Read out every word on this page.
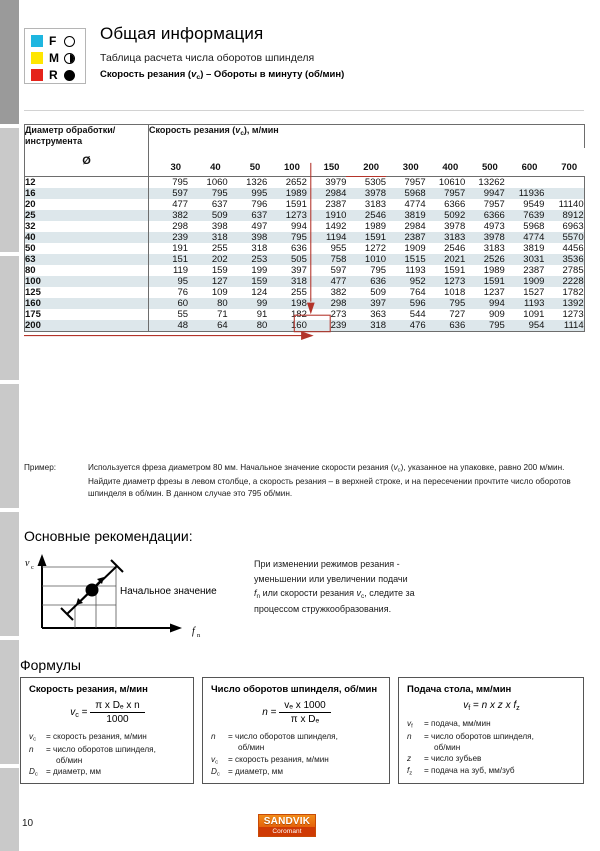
F
M
R
Общая информация
Таблица расчета числа оборотов шпинделя
Скорость резания $(v_c)$ – Обороты в минуту (об/мин)
Диаметр обработки/
инструмента
Ø	Скорость резания $(v_c)$, м/мин										
	30	40	50	100	150	200	300	400	500	600	700
12	795	1060	1326	2652	3979	5305	7957	10610	13262		
16	597	795	995	1989	2984	3978	5968	7957	9947	11936	
20	477	637	796	1591	2387	3183	4774	6366	7957	9549	11140
25	382	509	637	1273	1910	2546	3819	5092	6366	7639	8912
32	298	398	497	994	1492	1989	2984	3978	4973	5968	6963
40	239	318	398	795	1194	1591	2387	3183	3978	4774	5570
50	191	255	318	636	955	1272	1909	2546	3183	3819	4456
63	151	202	253	505	758	1010	1515	2021	2526	3031	3536
80	119	159	199	397	597	795	1193	1591	1989	2387	2785
100	95	127	159	318	477	636	952	1273	1591	1909	2228
125	76	109	124	255	382	509	764	1018	1237	1527	1782
160	60	80	99	198	298	397	596	795	994	1193	1392
175	55	71	91	182	273	363	544	727	909	1091	1273
200	48	64	80	160	239	318	476	636	795	954	1114
Пример:	Используется фреза диаметром 80 мм. Начальное значение скорости резания $(v_c)$, указанное на упаковке, равно 200 м/мин. Найдите диаметр фрезы в левом столбце, а скорость резания – в верхней строке, и на пересечении прочтите число оборотов шпинделя в об/мин. В данном случае это 795 об/мин.
Основные рекомендации:
v c
f n
Начальное значение
При изменении режимов резания -
уменьшении или увеличении подачи
$f_n$ или скорости резания $v_c$, следите за
процессом стружкообразования.
Формулы
Скорость резания, м/мин
$v_c = \frac{\text{π x Dₑ x n}}{1000}$
$v_c$	= скорость резания, м/мин
n	= число оборотов шпинделя,
об/мин
$D_c$ = диаметр, мм
Число оборотов шпинделя, об/мин
$n = \frac{\text{vₑ x 1000}}{\text{π x Dₑ}}$
n	= число оборотов шпинделя,
об/мин
$v_c$	= скорость резания, м/мин
$D_c$ = диаметр, мм
Подача стола, мм/мин
$v_f = n$ x z x $f_z$
$v_f$	= подача, мм/мин
n	= число оборотов шпинделя,
об/мин
z	= число зубьев
$f_z$	= подача на зуб, мм/зуб
10	SANDVIK
Coromant
